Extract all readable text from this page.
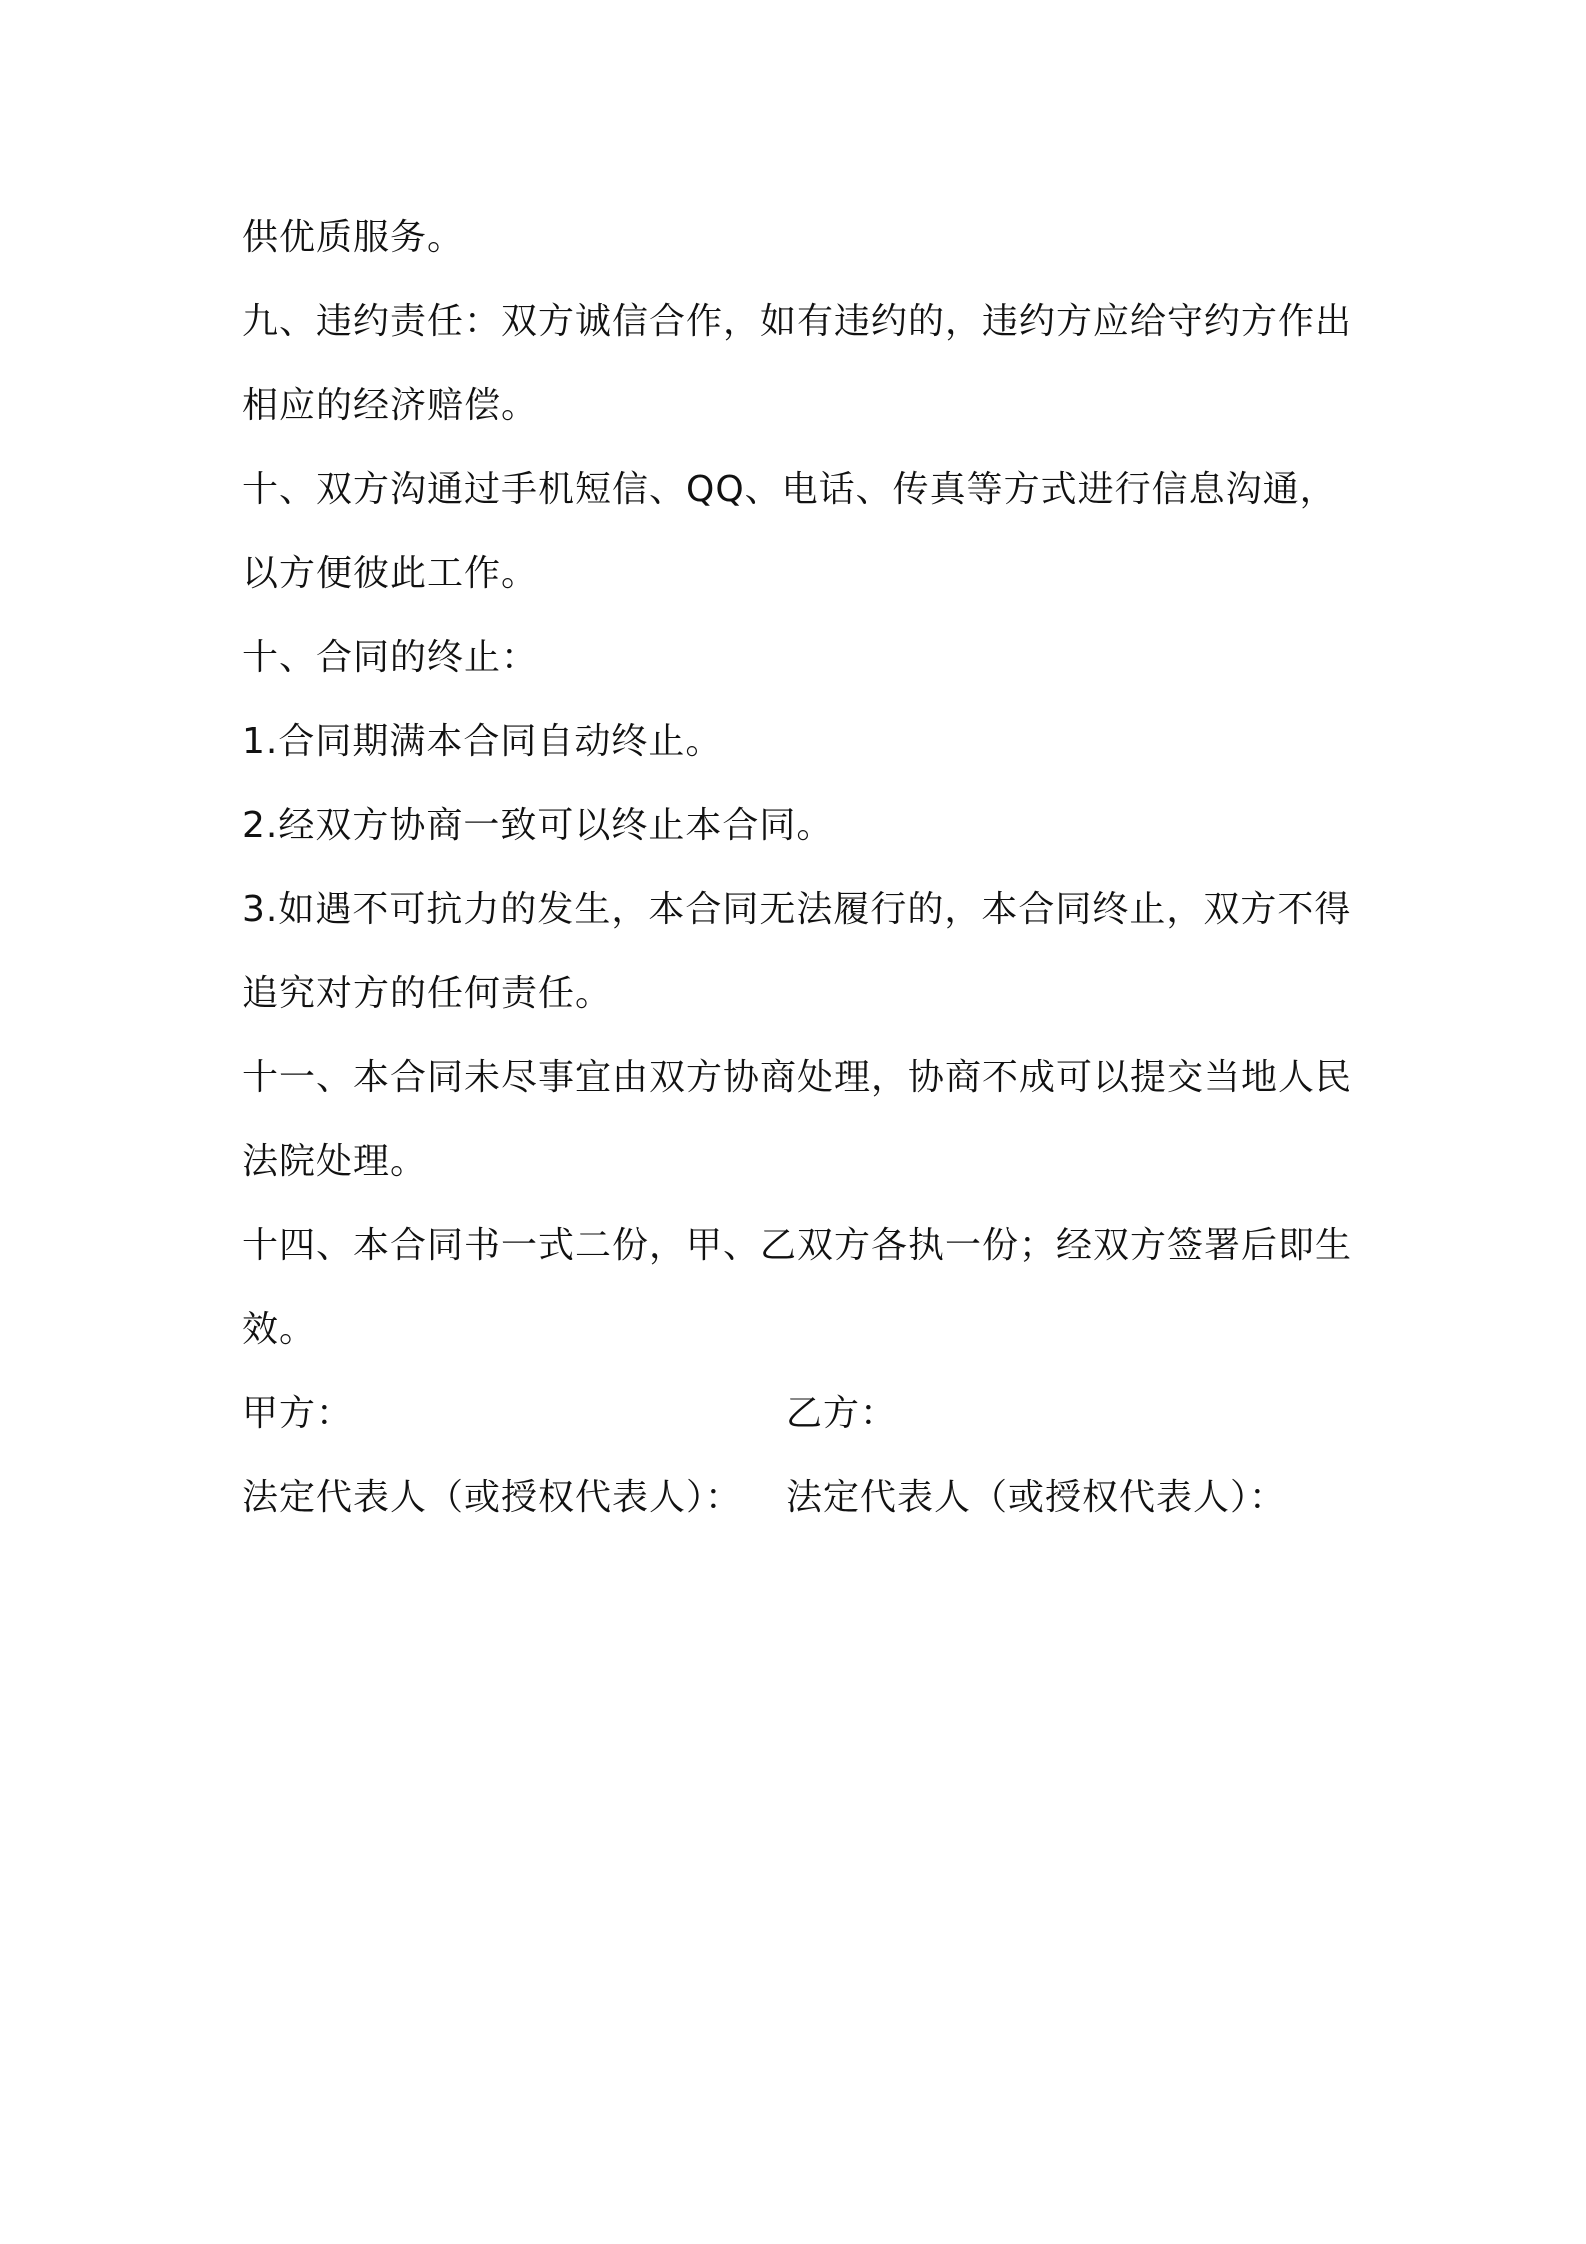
供优质服务。

九、违约责任：双方诚信合作，如有违约的，违约方应给守约方作出相应的经济赔偿。

十、双方沟通过手机短信、QQ、电话、传真等方式进行信息沟通，以方便彼此工作。

十、合同的终止：

1.合同期满本合同自动终止。

2.经双方协商一致可以终止本合同。

3.如遇不可抗力的发生，本合同无法履行的，本合同终止，双方不得追究对方的任何责任。

十一、本合同未尽事宜由双方协商处理，协商不成可以提交当地人民法院处理。

十四、本合同书一式二份，甲、乙双方各执一份；经双方签署后即生效。

甲方：	乙方：
法定代表人（或授权代表人）： 法定代表人（或授权代表人）：
